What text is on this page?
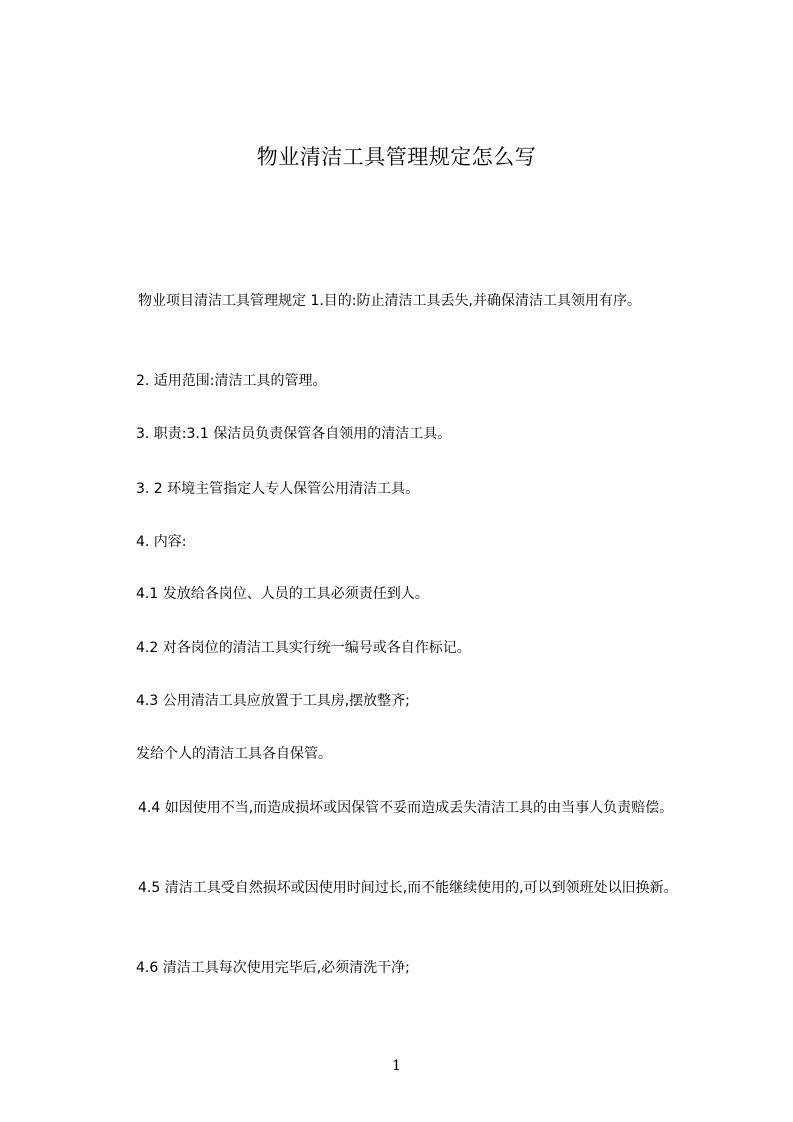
物业清洁工具管理规定怎么写

物业项目清洁工具管理规定 1.目的:防止清洁工具丢失,并确保清洁工具领用有序。

2. 适用范围:清洁工具的管理。

3. 职责:3.1 保洁员负责保管各自领用的清洁工具。

3. 2 环境主管指定人专人保管公用清洁工具。

4. 内容:

4.1 发放给各岗位、人员的工具必须责任到人。

4.2 对各岗位的清洁工具实行统一编号或各自作标记。

4.3 公用清洁工具应放置于工具房,摆放整齐;

发给个人的清洁工具各自保管。

4.4 如因使用不当,而造成损坏或因保管不妥而造成丢失清洁工具的由当事人负责赔偿。

4.5 清洁工具受自然损坏或因使用时间过长,而不能继续使用的,可以到领班处以旧换新。

4.6 清洁工具每次使用完毕后,必须清洗干净;

1
